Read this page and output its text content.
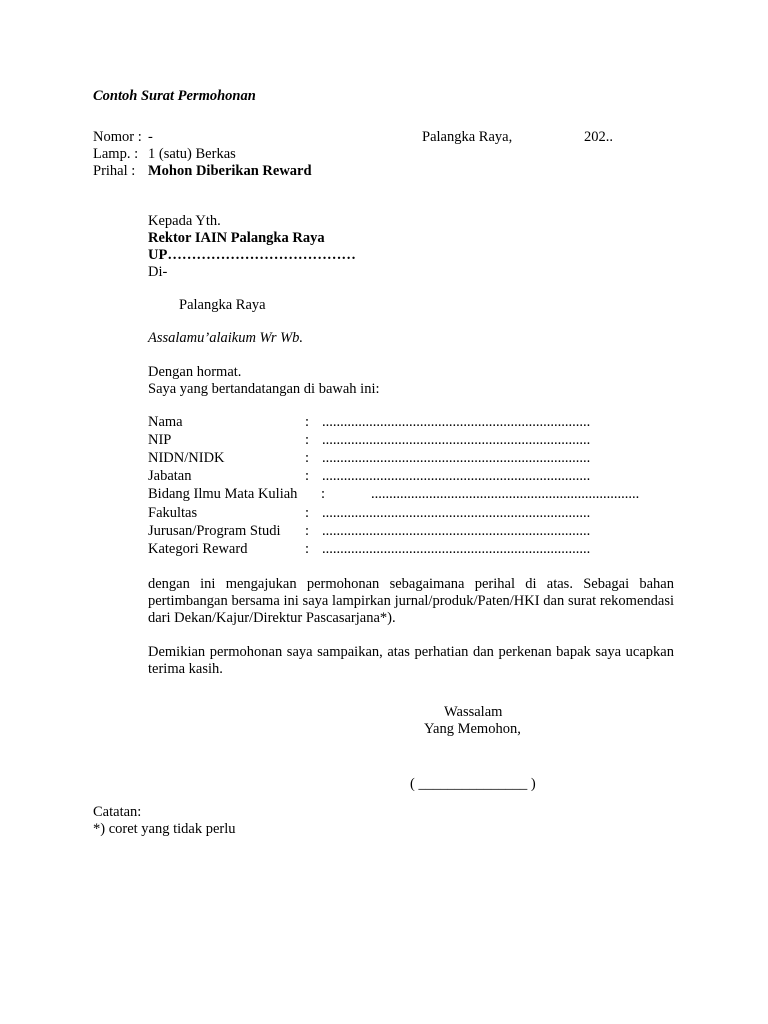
Contoh Surat Permohonan
Nomor : -	Palangka Raya,	202..
Lamp. : 1 (satu) Berkas
Prihal : Mohon Diberikan Reward
Kepada Yth.
Rektor IAIN Palangka Raya
UP…………………………………
Di-
Palangka Raya
Assalamu’alaikum Wr Wb.
Dengan hormat.
Saya yang bertandatangan di bawah ini:
Nama	: ..........................................................................
NIP	: ..........................................................................
NIDN/NIDK	: ..........................................................................
Jabatan	: ..........................................................................
Bidang Ilmu Mata Kuliah :	..........................................................................
Fakultas	: ..........................................................................
Jurusan/Program Studi : ..........................................................................
Kategori Reward	: ..........................................................................
dengan ini mengajukan permohonan sebagaimana perihal di atas. Sebagai bahan pertimbangan bersama ini saya lampirkan jurnal/produk/Paten/HKI dan surat rekomendasi dari Dekan/Kajur/Direktur Pascasarjana*).
Demikian permohonan saya sampaikan, atas perhatian dan perkenan bapak saya ucapkan terima kasih.
Wassalam
Yang Memohon,
( _______________ )
Catatan:
*) coret yang tidak perlu
